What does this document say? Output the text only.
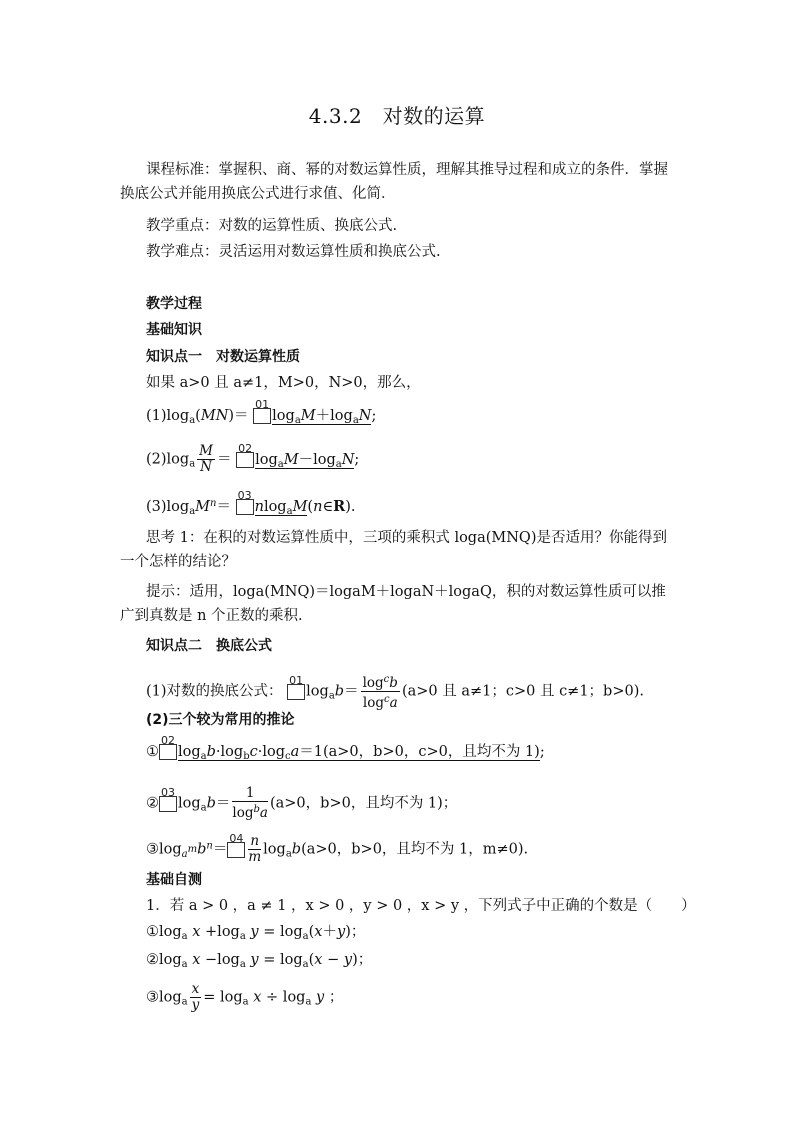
4.3.2　对数的运算
课程标准：掌握积、商、幂的对数运算性质，理解其推导过程和成立的条件．掌握换底公式并能用换底公式进行求值、化简．
教学重点：对数的运算性质、换底公式.
教学难点：灵活运用对数运算性质和换底公式.
教学过程
基础知识
知识点一　对数运算性质
如果 a>0 且 a≠1，M>0，N>0，那么，
$(1)\log_a(MN)=$
01
$\log_aM+\log_aN$;
$(2)\log_a \frac{M}{N}$ ＝
02
$\log_aM-\log_aN$;
$(3)\log_aM^n=$
03
nlog$_a$M(n∈R).
思考 1：在积的对数运算性质中，三项的乘积式 loga(MNQ)是否适用？你能得到一个怎样的结论？
提示：适用，loga(MNQ)＝logaM＋logaN＋logaQ，积的对数运算性质可以推广到真数是 n 个正数的乘积.
知识点二　换底公式
(1)对数的换底公式：
01
$\log_ab= \frac{\log^cb}{\log^ca} (a>0$ 且 a≠1；c>0 且 c≠1；b>0).
(2)三个较为常用的推论
①
02
$\log_ab\cdot\log_bc\cdot\log_ca=1(a>0$，b>0，c>0，且均不为 1);
②
03
$\log_ab= \frac{1}{\log^ba} (a>0$，b>0，且均不为 1)；
$③\log_{a^m}b^n=$
$04 \frac{n}{m} \log_ab(a>0$，b>0，且均不为 1，m≠0).
基础自测
1．若 a > 0 ，a ≠ 1 ，x > 0 ，y > 0 ，x > y ，下列式子中正确的个数是（　　）
$①\log_a$ $x +\log_a$ $y = \log_a(x+y)$；
$②\log_a$ $x -\log_a$ $y = \log_a(x - y)$；
$③\log_a \frac{x}{y} = \log_a x \div \log_a y$ ；
